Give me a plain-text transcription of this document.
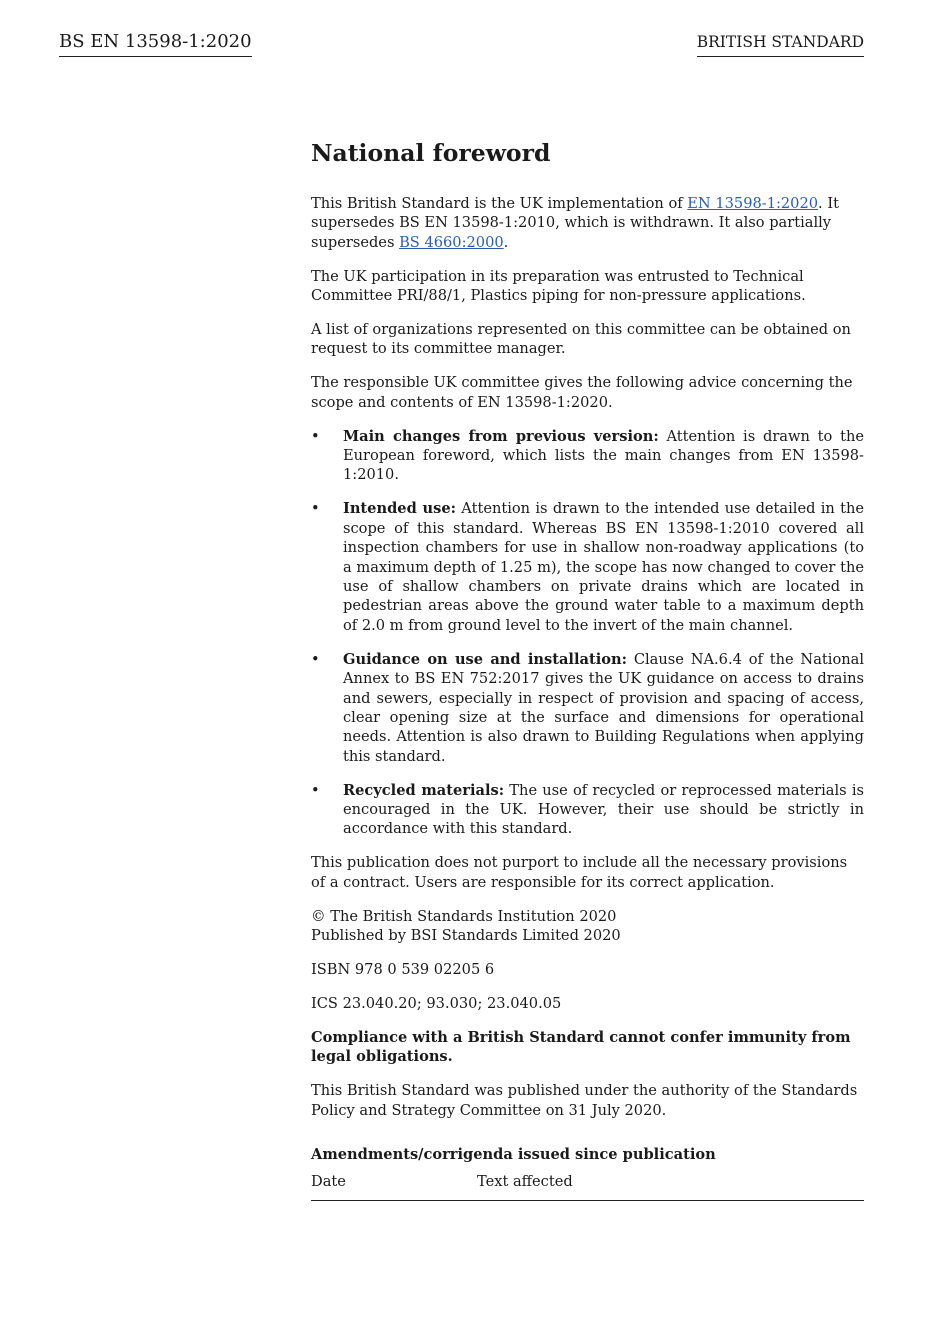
BS EN 13598-1:2020	BRITISH STANDARD
National foreword

This British Standard is the UK implementation of EN 13598-1:2020. It supersedes BS EN 13598-1:2010, which is withdrawn. It also partially supersedes BS 4660:2000.

The UK participation in its preparation was entrusted to Technical Committee PRI/88/1, Plastics piping for non-pressure applications.

A list of organizations represented on this committee can be obtained on request to its committee manager.

The responsible UK committee gives the following advice concerning the scope and contents of EN 13598-1:2020.

• Main changes from previous version: Attention is drawn to the European foreword, which lists the main changes from EN 13598-1:2010.
• Intended use: Attention is drawn to the intended use detailed in the scope of this standard. Whereas BS EN 13598-1:2010 covered all inspection chambers for use in shallow non-roadway applications (to a maximum depth of 1.25 m), the scope has now changed to cover the use of shallow chambers on private drains which are located in pedestrian areas above the ground water table to a maximum depth of 2.0 m from ground level to the invert of the main channel.
• Guidance on use and installation: Clause NA.6.4 of the National Annex to BS EN 752:2017 gives the UK guidance on access to drains and sewers, especially in respect of provision and spacing of access, clear opening size at the surface and dimensions for operational needs. Attention is also drawn to Building Regulations when applying this standard.
• Recycled materials: The use of recycled or reprocessed materials is encouraged in the UK. However, their use should be strictly in accordance with this standard.

This publication does not purport to include all the necessary provisions of a contract. Users are responsible for its correct application.

© The British Standards Institution 2020
Published by BSI Standards Limited 2020

ISBN 978 0 539 02205 6

ICS 23.040.20; 93.030; 23.040.05

Compliance with a British Standard cannot confer immunity from legal obligations.

This British Standard was published under the authority of the Standards Policy and Strategy Committee on 31 July 2020.

Amendments/corrigenda issued since publication
Date	Text affected
